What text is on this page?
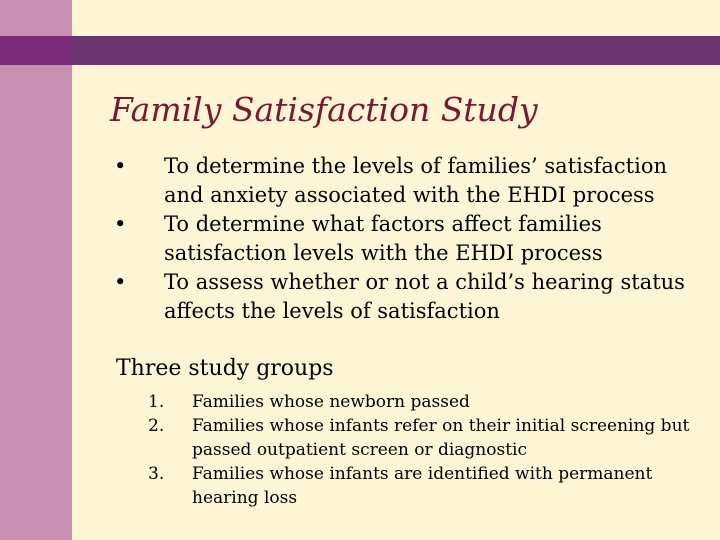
Family Satisfaction Study
• To determine the levels of families’ satisfaction and anxiety associated with the EHDI process
• To determine what factors affect families satisfaction levels with the EHDI process
• To assess whether or not a child’s hearing status affects the levels of satisfaction
Three study groups
1. Families whose newborn passed
2. Families whose infants refer on their initial screening but passed outpatient screen or diagnostic
3. Families whose infants are identified with permanent hearing loss
